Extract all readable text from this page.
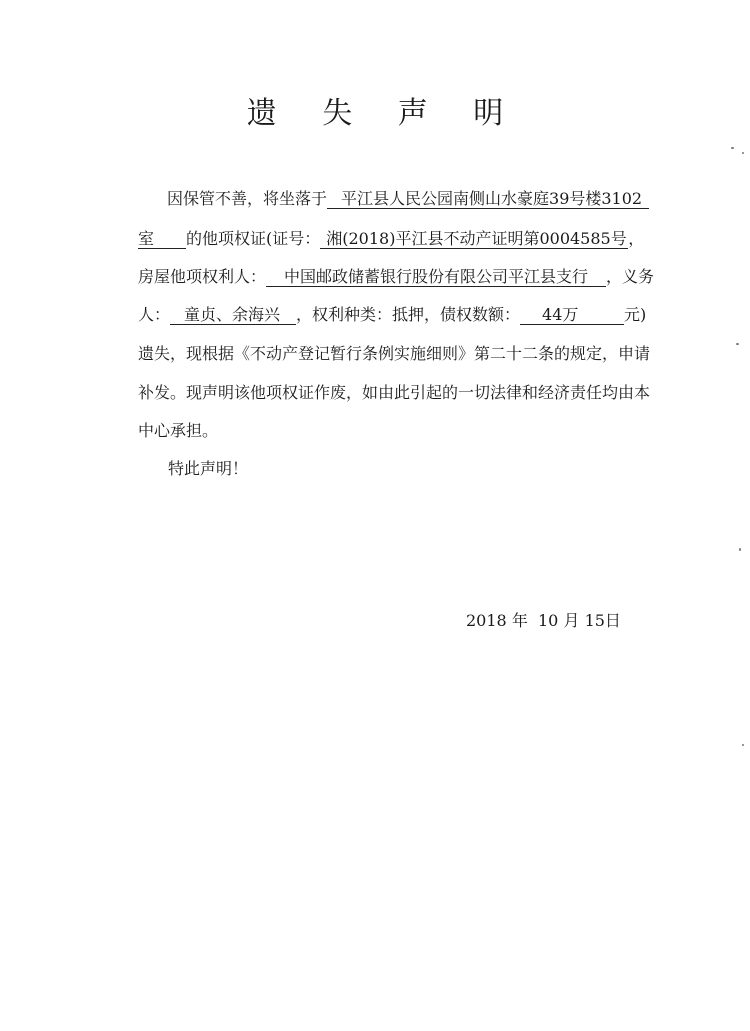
遗 失 声 明
因保管不善，将坐落于 平江县人民公园南侧山水豪庭39号楼3102
室 的他项权证(证号： 湘(2018)平江县不动产证明第0004585号，
房屋他项权利人： 中国邮政储蓄银行股份有限公司平江县支行 ，义务
人： 童贞、余海兴 ，权利种类：抵押，债权数额： 44万	元)
遗失，现根据《不动产登记暂行条例实施细则》第二十二条的规定，申请
补发。现声明该他项权证作废，如由此引起的一切法律和经济责任均由本
中心承担。
特此声明！
2018 年 10 月 15日
